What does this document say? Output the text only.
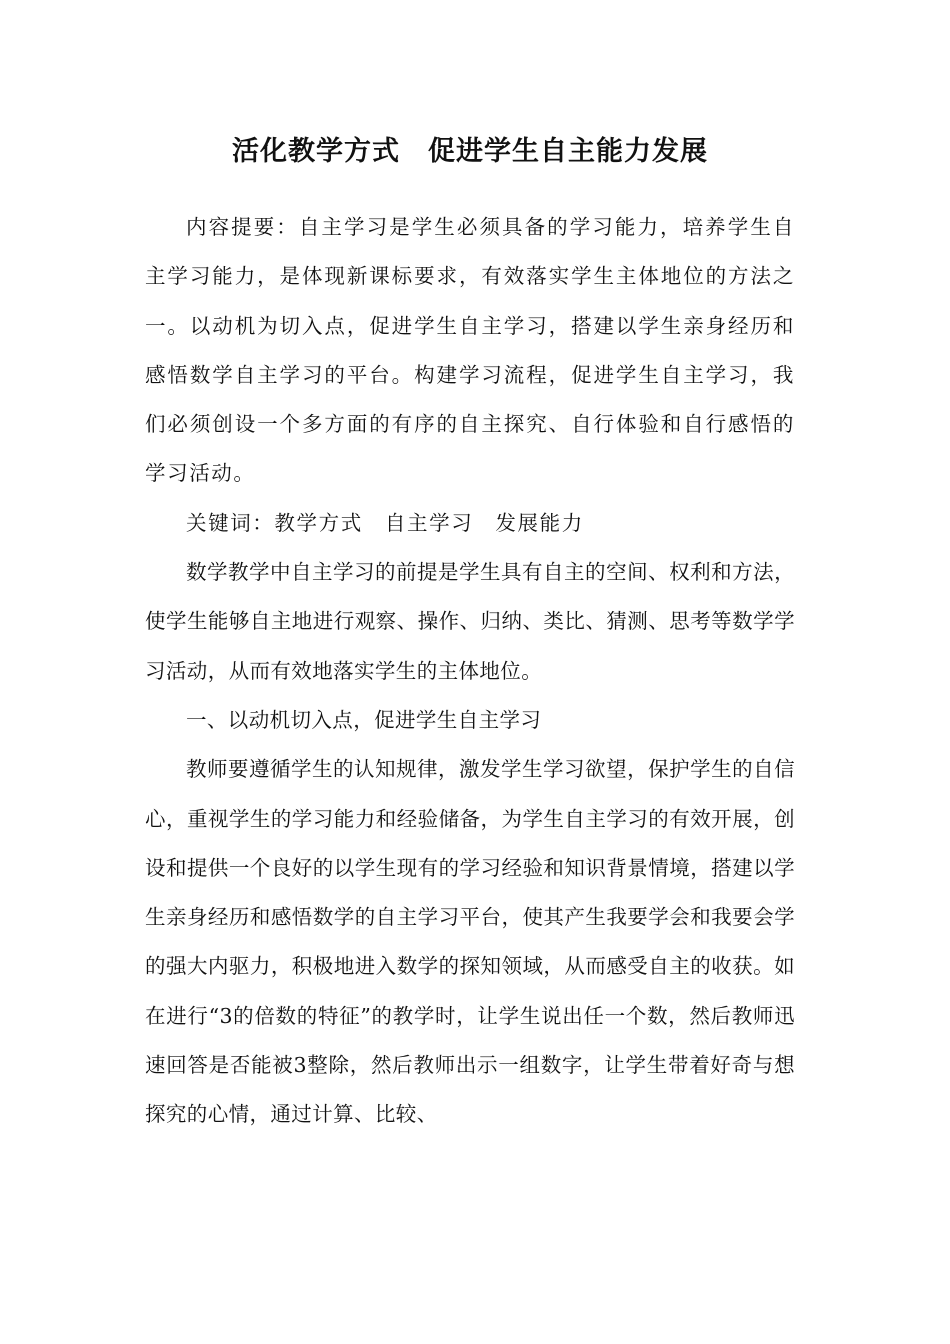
活化教学方式　促进学生自主能力发展

内容提要：自主学习是学生必须具备的学习能力，培养学生自主学习能力，是体现新课标要求，有效落实学生主体地位的方法之一。以动机为切入点，促进学生自主学习，搭建以学生亲身经历和感悟数学自主学习的平台。构建学习流程，促进学生自主学习，我们必须创设一个多方面的有序的自主探究、自行体验和自行感悟的学习活动。

关键词：教学方式　自主学习　发展能力

数学教学中自主学习的前提是学生具有自主的空间、权利和方法，使学生能够自主地进行观察、操作、归纳、类比、猜测、思考等数学学习活动，从而有效地落实学生的主体地位。

一、以动机切入点，促进学生自主学习

教师要遵循学生的认知规律，激发学生学习欲望，保护学生的自信心，重视学生的学习能力和经验储备，为学生自主学习的有效开展，创设和提供一个良好的以学生现有的学习经验和知识背景情境，搭建以学生亲身经历和感悟数学的自主学习平台，使其产生我要学会和我要会学的强大内驱力，积极地进入数学的探知领域，从而感受自主的收获。如在进行“3的倍数的特征”的教学时，让学生说出任一个数，然后教师迅速回答是否能被3整除，然后教师出示一组数字，让学生带着好奇与想探究的心情，通过计算、比较、
